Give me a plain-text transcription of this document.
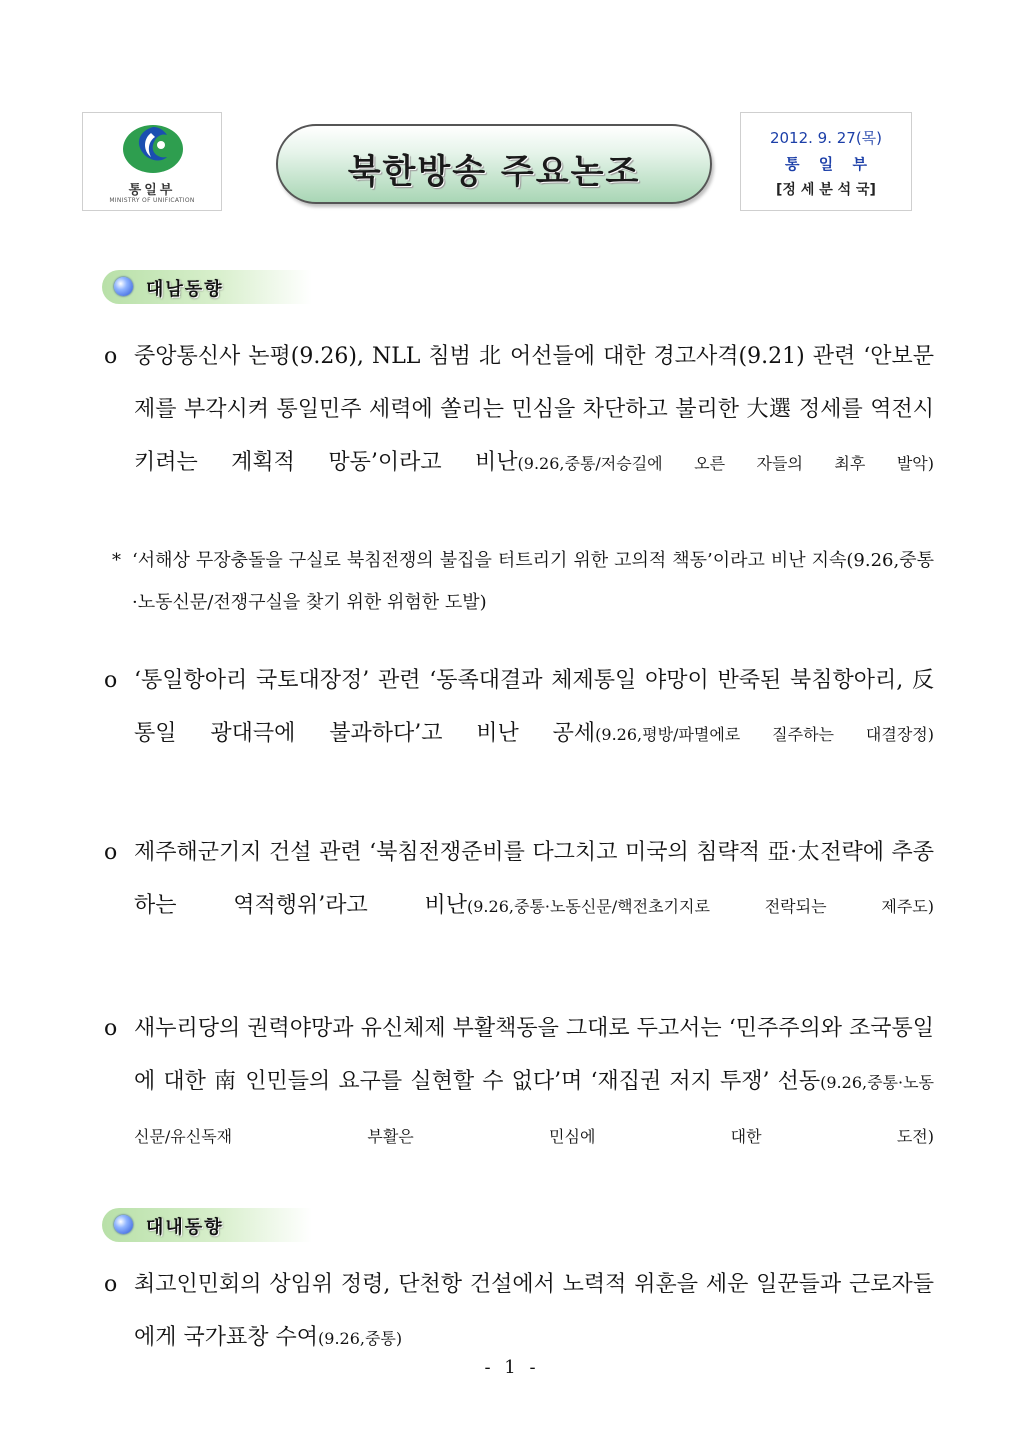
통일부
MINISTRY OF UNIFICATION
북한방송 주요논조
2012. 9. 27(목)
통 일 부
[정 세 분 석 국]
대남동향
o 중앙통신사 논평(9.26), NLL 침범 北 어선들에 대한 경고사격(9.21) 관련 ‘안보문제를 부각시켜 통일민주 세력에 쏠리는 민심을 차단하고 불리한 大選 정세를 역전시키려는 계획적 망동’이라고 비난(9.26,중통/저승길에 오른 자들의 최후 발악)
* ‘서해상 무장충돌을 구실로 북침전쟁의 불집을 터트리기 위한 고의적 책동’이라고 비난 지속(9.26,중통·노동신문/전쟁구실을 찾기 위한 위험한 도발)
o ‘통일항아리 국토대장정’ 관련 ‘동족대결과 체제통일 야망이 반죽된 북침항아리, 反통일 광대극에 불과하다’고 비난 공세(9.26,평방/파멸에로 질주하는 대결장정)
o 제주해군기지 건설 관련 ‘북침전쟁준비를 다그치고 미국의 침략적 亞·太전략에 추종하는 역적행위’라고 비난(9.26,중통·노동신문/핵전초기지로 전락되는 제주도)
o 새누리당의 권력야망과 유신체제 부활책동을 그대로 두고서는 ‘민주주의와 조국통일에 대한 南 인민들의 요구를 실현할 수 없다’며 ‘재집권 저지 투쟁’ 선동(9.26,중통·노동신문/유신독재 부활은 민심에 대한 도전)
대내동향
o 최고인민회의 상임위 정령, 단천항 건설에서 노력적 위훈을 세운 일꾼들과 근로자들에게 국가표창 수여(9.26,중통)
- 1 -
